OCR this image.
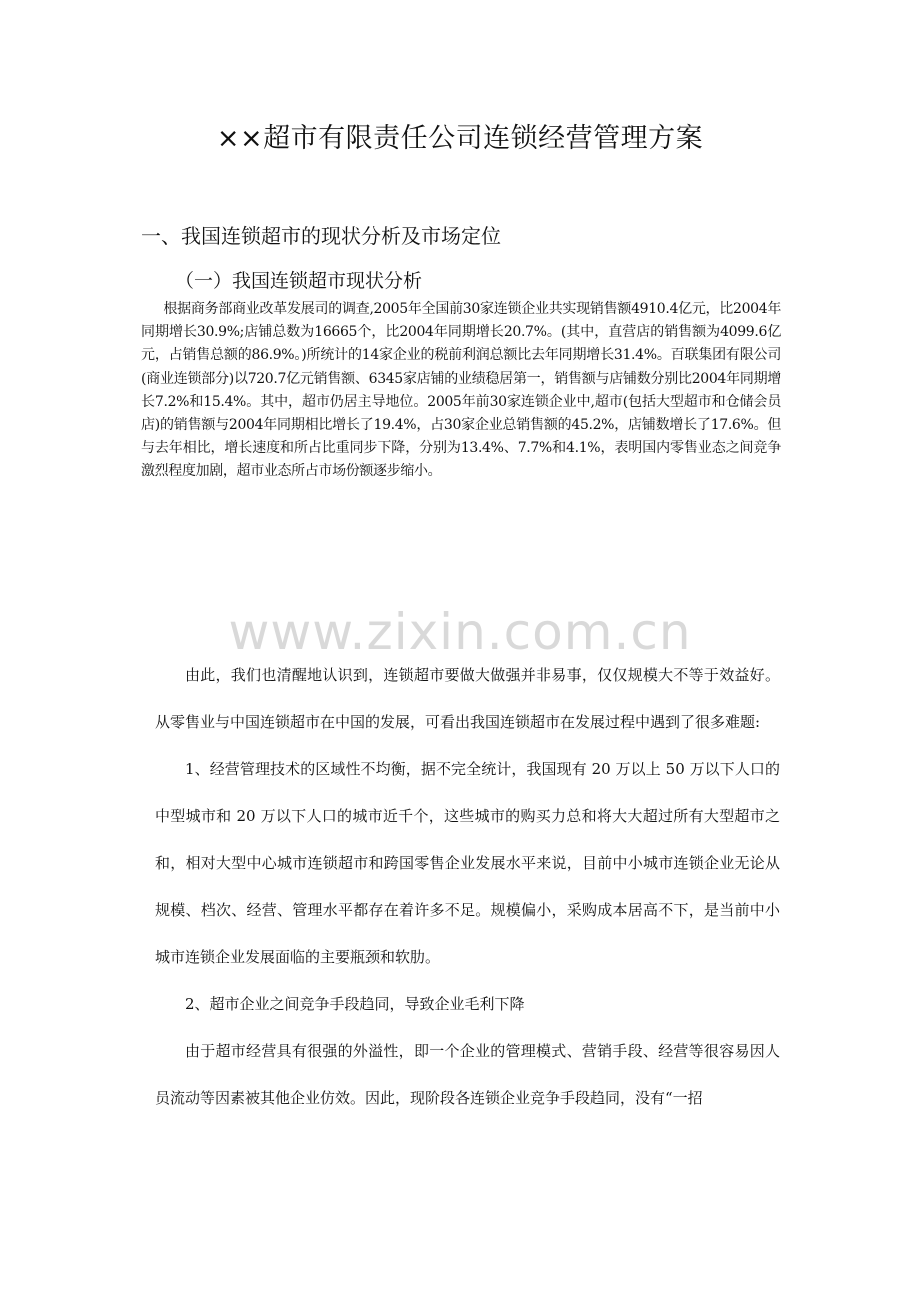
××超市有限责任公司连锁经营管理方案
一、我国连锁超市的现状分析及市场定位
（一）我国连锁超市现状分析

根据商务部商业改革发展司的调查,2005年全国前30家连锁企业共实现销售额4910.4亿元，比2004年同期增长30.9%;店铺总数为16665个，比2004年同期增长20.7%。(其中，直营店的销售额为4099.6亿元，占销售总额的86.9%。)所统计的14家企业的税前利润总额比去年同期增长31.4%。百联集团有限公司(商业连锁部分)以720.7亿元销售额、6345家店铺的业绩稳居第一，销售额与店铺数分别比2004年同期增长7.2%和15.4%。其中，超市仍居主导地位。2005年前30家连锁企业中,超市(包括大型超市和仓储会员店)的销售额与2004年同期相比增长了19.4%，占30家企业总销售额的45.2%，店铺数增长了17.6%。但与去年相比，增长速度和所占比重同步下降，分别为13.4%、7.7%和4.1%，表明国内零售业态之间竞争激烈程度加剧，超市业态所占市场份额逐步缩小。

www.zixin.com.cn

由此，我们也清醒地认识到，连锁超市要做大做强并非易事，仅仅规模大不等于效益好。从零售业与中国连锁超市在中国的发展，可看出我国连锁超市在发展过程中遇到了很多难题:

1、经营管理技术的区域性不均衡，据不完全统计，我国现有 20 万以上 50 万以下人口的中型城市和 20 万以下人口的城市近千个，这些城市的购买力总和将大大超过所有大型超市之和，相对大型中心城市连锁超市和跨国零售企业发展水平来说，目前中小城市连锁企业无论从规模、档次、经营、管理水平都存在着许多不足。规模偏小，采购成本居高不下，是当前中小城市连锁企业发展面临的主要瓶颈和软肋。

2、超市企业之间竞争手段趋同，导致企业毛利下降

由于超市经营具有很强的外溢性，即一个企业的管理模式、营销手段、经营等很容易因人员流动等因素被其他企业仿效。因此，现阶段各连锁企业竞争手段趋同，没有“一招
